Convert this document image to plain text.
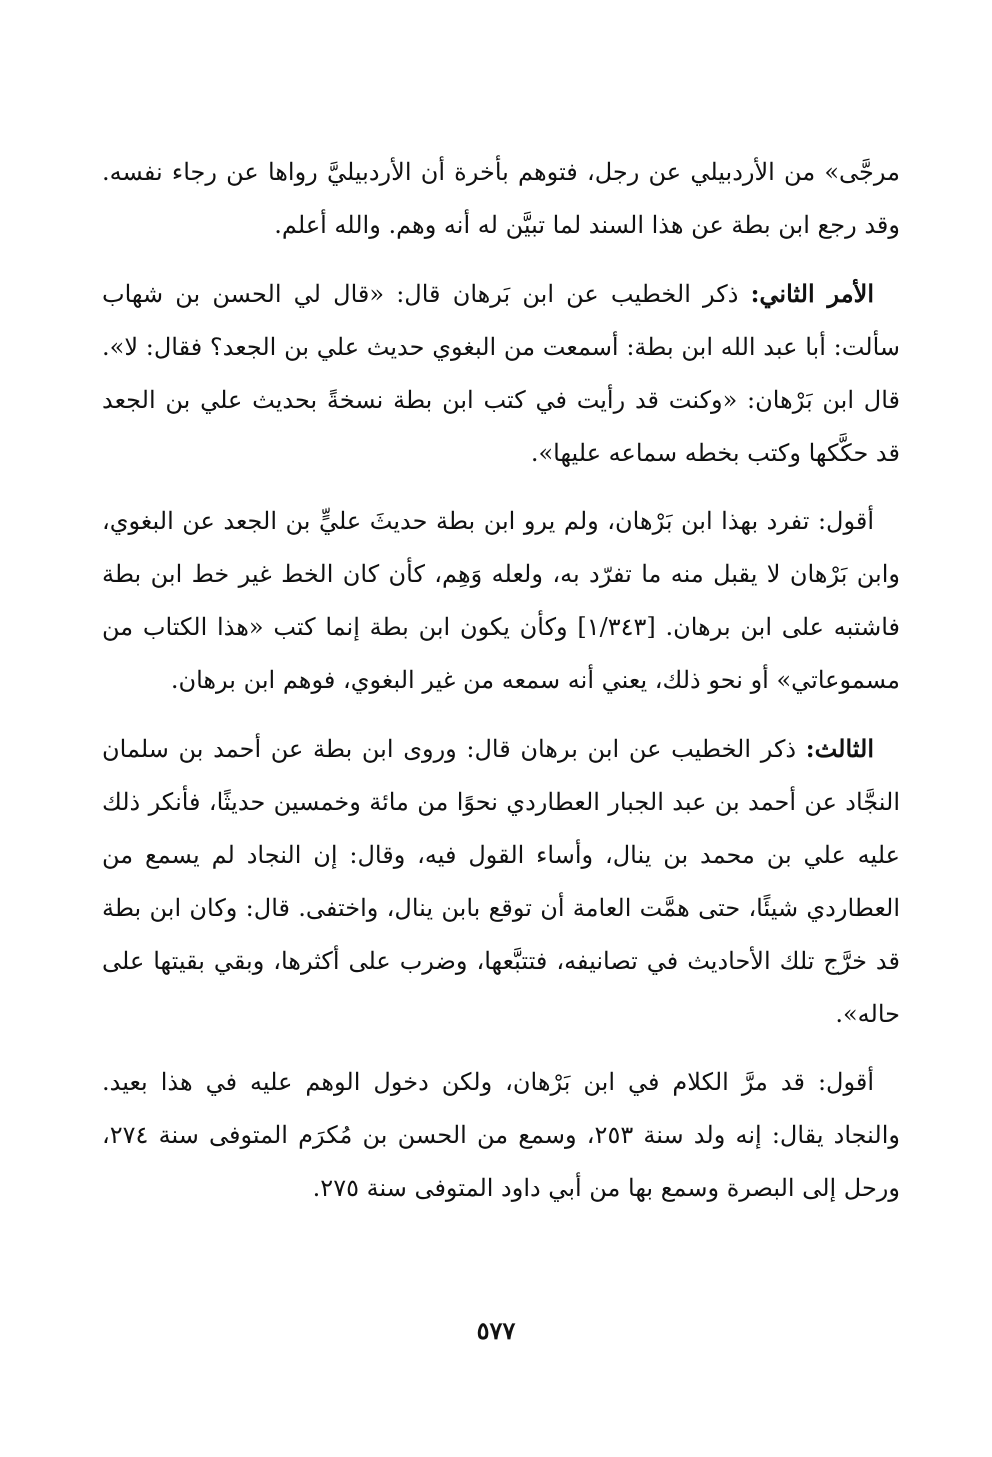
مرجَّى» من الأردبيلي عن رجل، فتوهم بأخرة أن الأردبيليَّ رواها عن رجاء نفسه. وقد رجع ابن بطة عن هذا السند لما تبيَّن له أنه وهم. والله أعلم.

الأمر الثاني: ذكر الخطيب عن ابن بَرهان قال: «قال لي الحسن بن شهاب سألت: أبا عبد الله ابن بطة: أسمعت من البغوي حديث علي بن الجعد؟ فقال: لا». قال ابن بَرْهان: «وكنت قد رأيت في كتب ابن بطة نسخةً بحديث علي بن الجعد قد حكَّكها وكتب بخطه سماعه عليها».

أقول: تفرد بهذا ابن بَرْهان، ولم يرو ابن بطة حديثَ عليٍّ بن الجعد عن البغوي، وابن بَرْهان لا يقبل منه ما تفرّد به، ولعله وَهِم، كأن كان الخط غير خط ابن بطة فاشتبه على ابن برهان. [١/٣٤٣] وكأن يكون ابن بطة إنما كتب «هذا الكتاب من مسموعاتي» أو نحو ذلك، يعني أنه سمعه من غير البغوي، فوهم ابن برهان.

الثالث: ذكر الخطيب عن ابن برهان قال: وروى ابن بطة عن أحمد بن سلمان النجَّاد عن أحمد بن عبد الجبار العطاردي نحوًا من مائة وخمسين حديثًا، فأنكر ذلك عليه علي بن محمد بن ينال، وأساء القول فيه، وقال: إن النجاد لم يسمع من العطاردي شيئًا، حتى همَّت العامة أن توقع بابن ينال، واختفى. قال: وكان ابن بطة قد خرَّج تلك الأحاديث في تصانيفه، فتتبَّعها، وضرب على أكثرها، وبقي بقيتها على حاله».

أقول: قد مرَّ الكلام في ابن بَرْهان، ولكن دخول الوهم عليه في هذا بعيد. والنجاد يقال: إنه ولد سنة ٢٥٣، وسمع من الحسن بن مُكرَم المتوفى سنة ٢٧٤، ورحل إلى البصرة وسمع بها من أبي داود المتوفى سنة ٢٧٥.

٥٧٧
